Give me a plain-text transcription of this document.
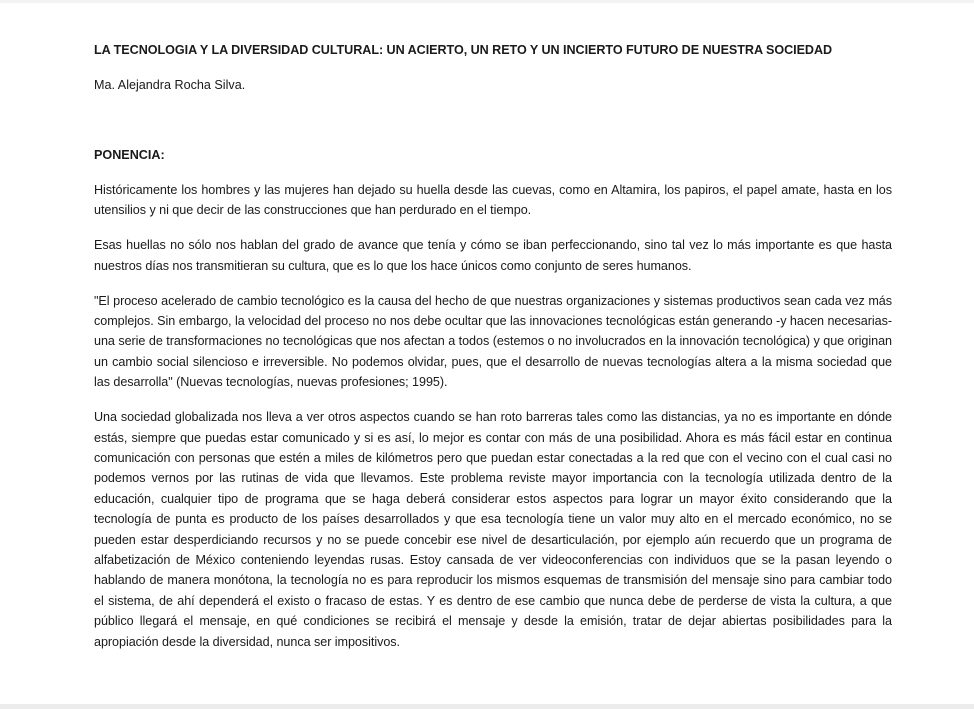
LA TECNOLOGIA Y LA DIVERSIDAD CULTURAL: UN ACIERTO, UN RETO Y UN INCIERTO FUTURO DE NUESTRA SOCIEDAD
Ma. Alejandra Rocha Silva.
PONENCIA:

Históricamente los hombres y las mujeres han dejado su huella desde las cuevas, como en Altamira, los papiros, el papel amate, hasta en los utensilios y ni que decir de las construcciones que han perdurado en el tiempo.

Esas huellas no sólo nos hablan del grado de avance que tenía y cómo se iban perfeccionando, sino tal vez lo más importante es que hasta nuestros días nos transmitieran su cultura, que es lo que los hace únicos como conjunto de seres humanos.

"El proceso acelerado de cambio tecnológico es la causa del hecho de que nuestras organizaciones y sistemas productivos sean cada vez más complejos. Sin embargo, la velocidad del proceso no nos debe ocultar que las innovaciones tecnológicas están generando -y hacen necesarias- una serie de transformaciones no tecnológicas que nos afectan a todos (estemos o no involucrados en la innovación tecnológica) y que originan un cambio social silencioso e irreversible. No podemos olvidar, pues, que el desarrollo de nuevas tecnologías altera a la misma sociedad que las desarrolla" (Nuevas tecnologías, nuevas profesiones; 1995).

Una sociedad globalizada nos lleva a ver otros aspectos cuando se han roto barreras tales como las distancias, ya no es importante en dónde estás, siempre que puedas estar comunicado y si es así, lo mejor es contar con más de una posibilidad. Ahora es más fácil estar en continua comunicación con personas que estén a miles de kilómetros pero que puedan estar conectadas a la red que con el vecino con el cual casi no podemos vernos por las rutinas de vida que llevamos. Este problema reviste mayor importancia con la tecnología utilizada dentro de la educación, cualquier tipo de programa que se haga deberá considerar estos aspectos para lograr un mayor éxito considerando que la tecnología de punta es producto de los países desarrollados y que esa tecnología tiene un valor muy alto en el mercado económico, no se pueden estar desperdiciando recursos y no se puede concebir ese nivel de desarticulación, por ejemplo aún recuerdo que un programa de alfabetización de México conteniendo leyendas rusas. Estoy cansada de ver videoconferencias con individuos que se la pasan leyendo o hablando de manera monótona, la tecnología no es para reproducir los mismos esquemas de transmisión del mensaje sino para cambiar todo el sistema, de ahí dependerá el existo o fracaso de estas. Y es dentro de ese cambio que nunca debe de perderse de vista la cultura, a que público llegará el mensaje, en qué condiciones se recibirá el mensaje y desde la emisión, tratar de dejar abiertas posibilidades para la apropiación desde la diversidad, nunca ser impositivos.
